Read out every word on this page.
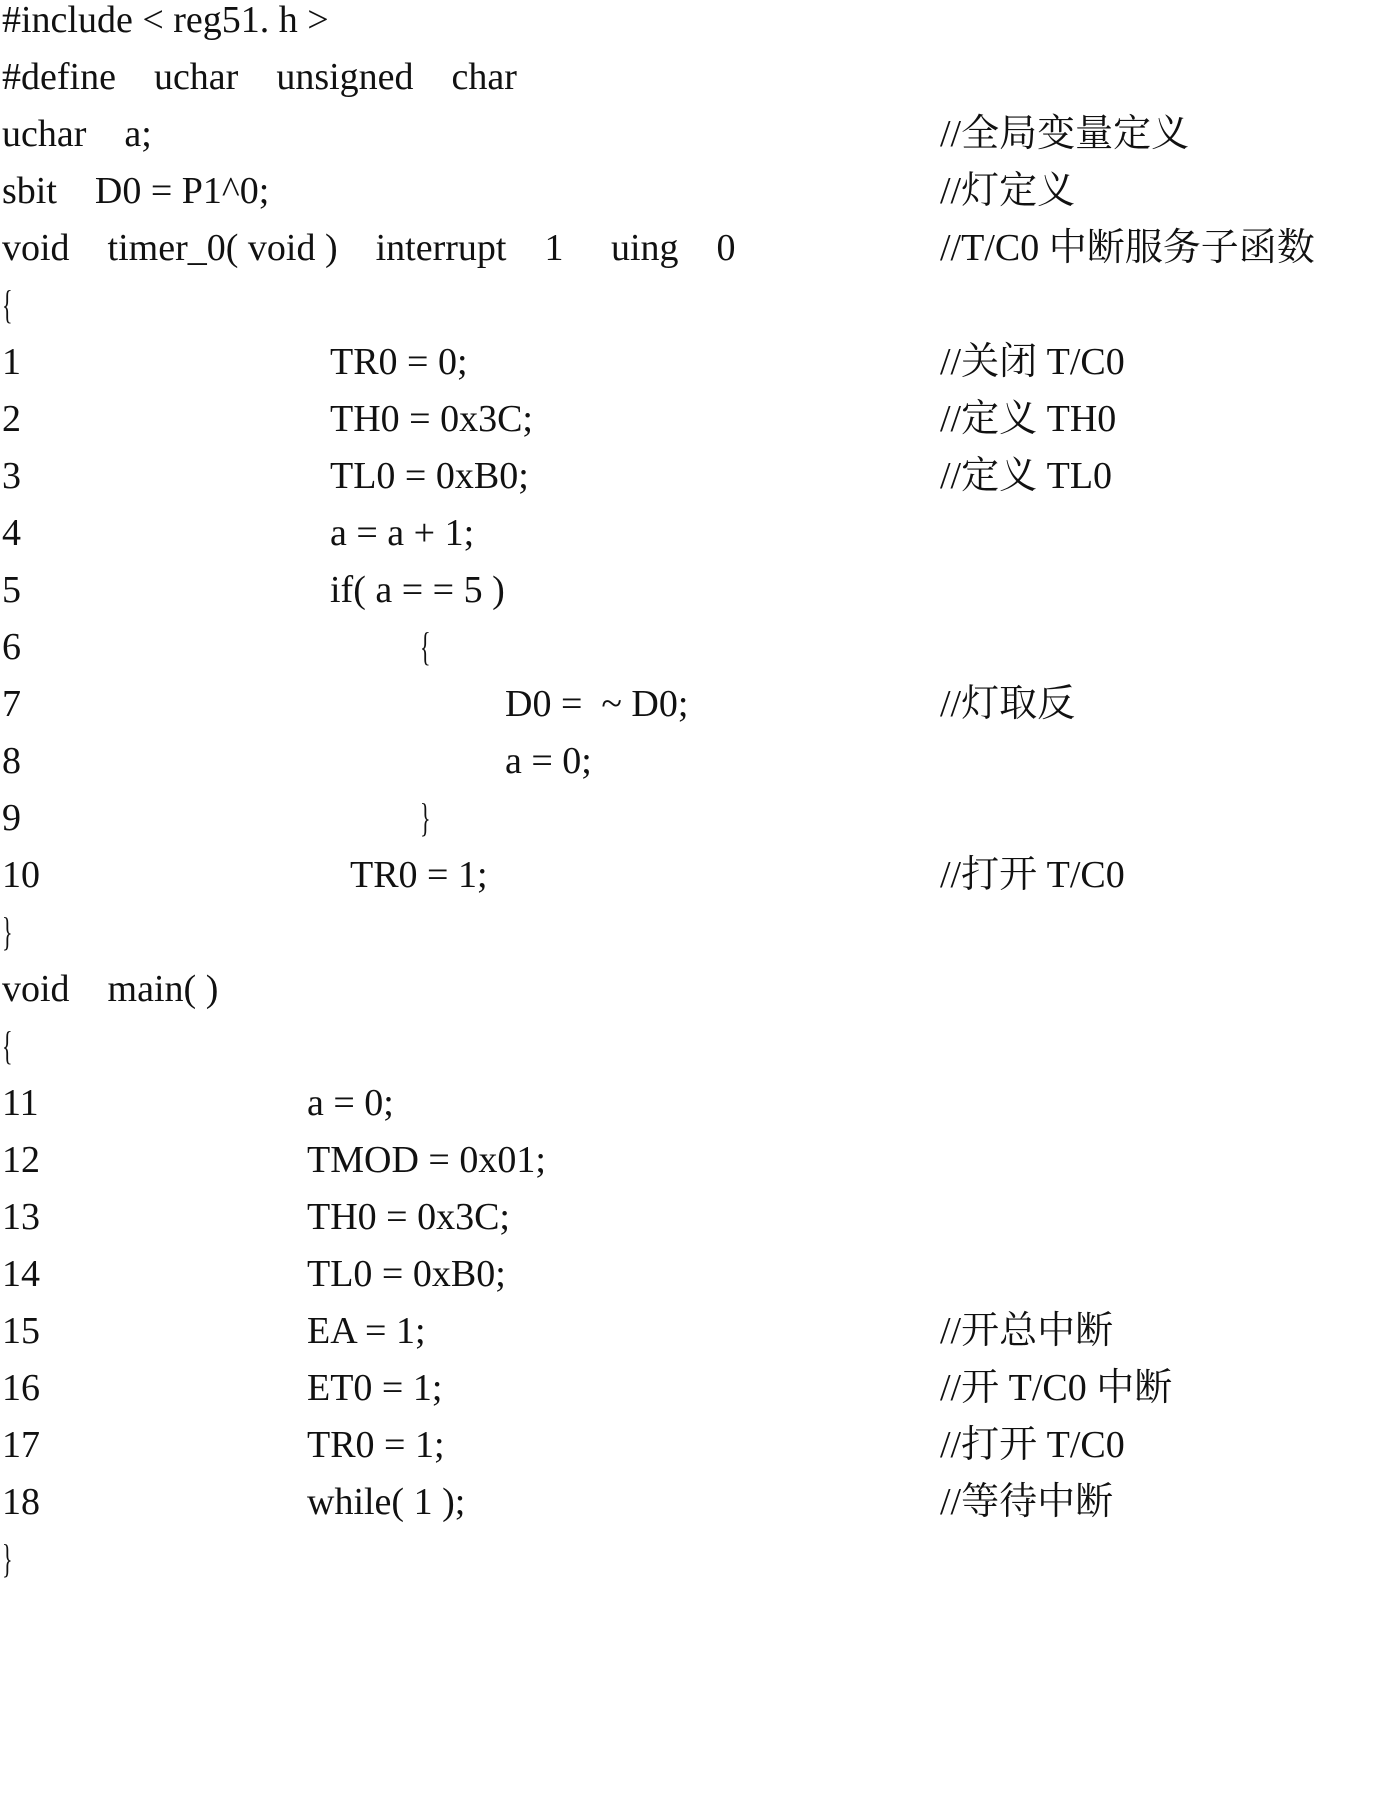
#include < reg51. h >
#define    uchar    unsigned    char
uchar    a;	//全局变量定义
sbit    D0 = P1^0;	//灯定义
void    timer_0( void )    interrupt    1     uing    0	//T/C0 中断服务子函数
{
1	TR0 = 0;	//关闭 T/C0
2	TH0 = 0x3C;	//定义 TH0
3	TL0 = 0xB0;	//定义 TL0
4	a = a + 1;
5	if( a = = 5 )
6	{
7	D0 =  ~ D0;	//灯取反
8	a = 0;
9	}
10	TR0 = 1;	//打开 T/C0
}
void    main( )
{
11	a = 0;
12	TMOD = 0x01;
13	TH0 = 0x3C;
14	TL0 = 0xB0;
15	EA = 1;	//开总中断
16	ET0 = 1;	//开 T/C0 中断
17	TR0 = 1;	//打开 T/C0
18	while( 1 );	//等待中断
}
